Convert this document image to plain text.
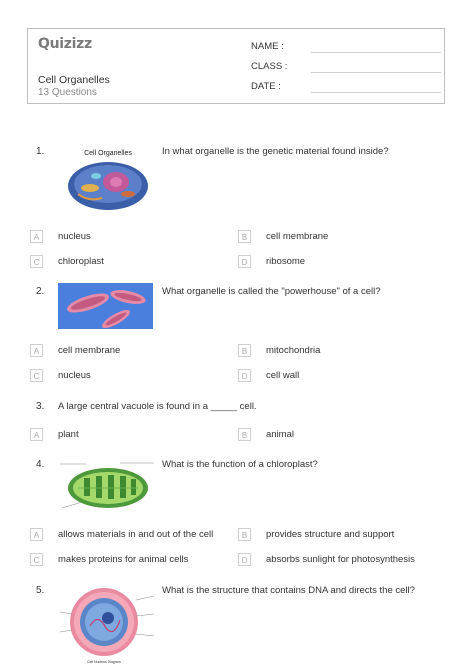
Quizizz
Cell Organelles
13 Questions
NAME :
CLASS :
DATE :
1.	Cell Organelles	In what organelle is the genetic material found inside?
A	nucleus	B	cell membrane
C	chloroplast	D	ribosome
2.	What organelle is called the "powerhouse" of a cell?
A	cell membrane	B	mitochondria
C	nucleus	D	cell wall
3. A large central vacuole is found in a _____ cell.
A	plant	B	animal
4.	What is the function of a chloroplast?
A	allows materials in and out of the cell	B	provides structure and support
C	makes proteins for animal cells	D	absorbs sunlight for photosynthesis
5.
Cell Nucleus Diagram
What is the structure that contains DNA and directs the cell?
